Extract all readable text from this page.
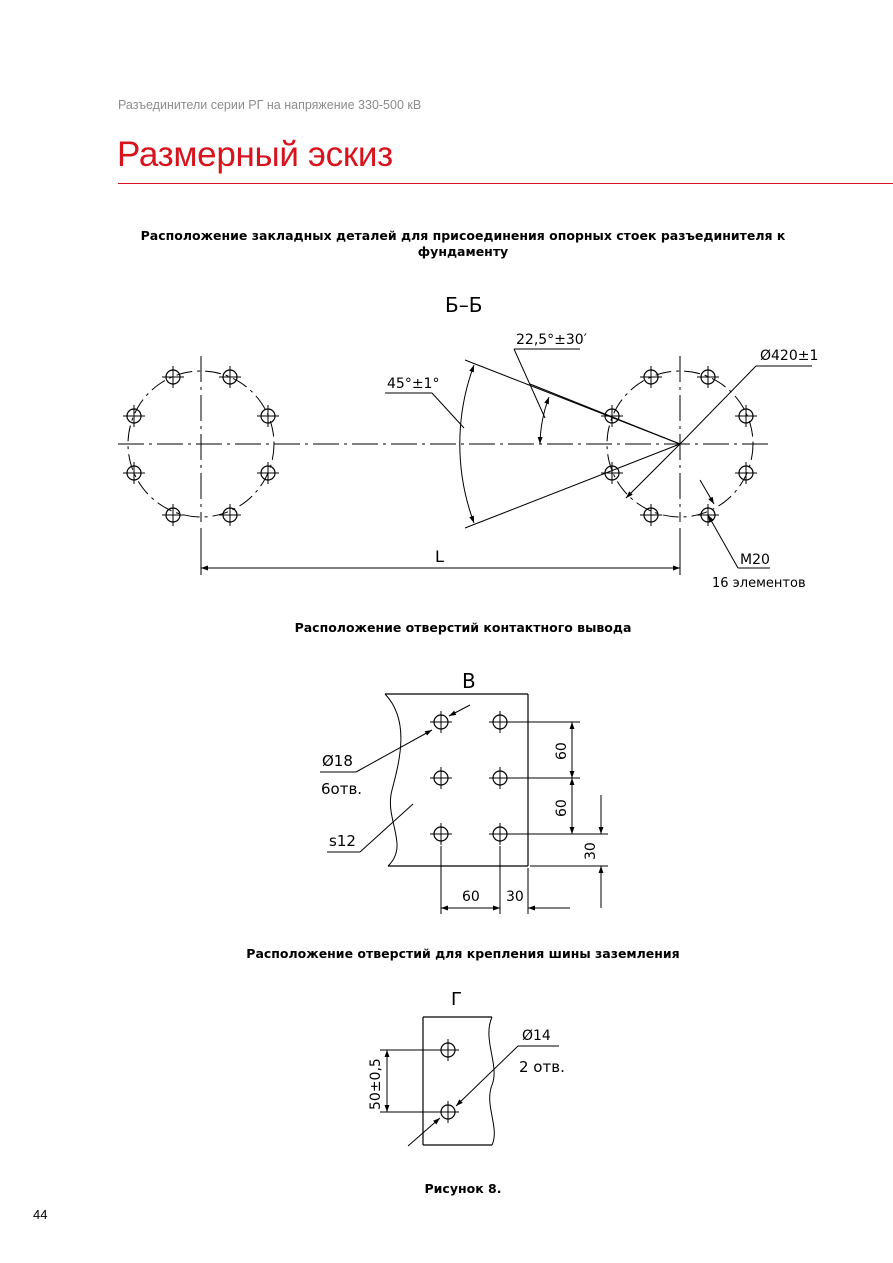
Разъединители серии РГ на напряжение 330-500 кВ
Размерный эскиз
Расположение закладных деталей для присоединения опорных стоек разъединителя к фундаменту
Расположение отверстий контактного вывода
Расположение отверстий для крепления шины заземления
Рисунок 8.
44
Б–Б
45°±1°
22,5°±30′
Ø420±1
L	М20
16 элементов
В
60
60
30
60 30
Ø18
6отв.
s12
Г
50±0,5
Ø14
2 отв.
